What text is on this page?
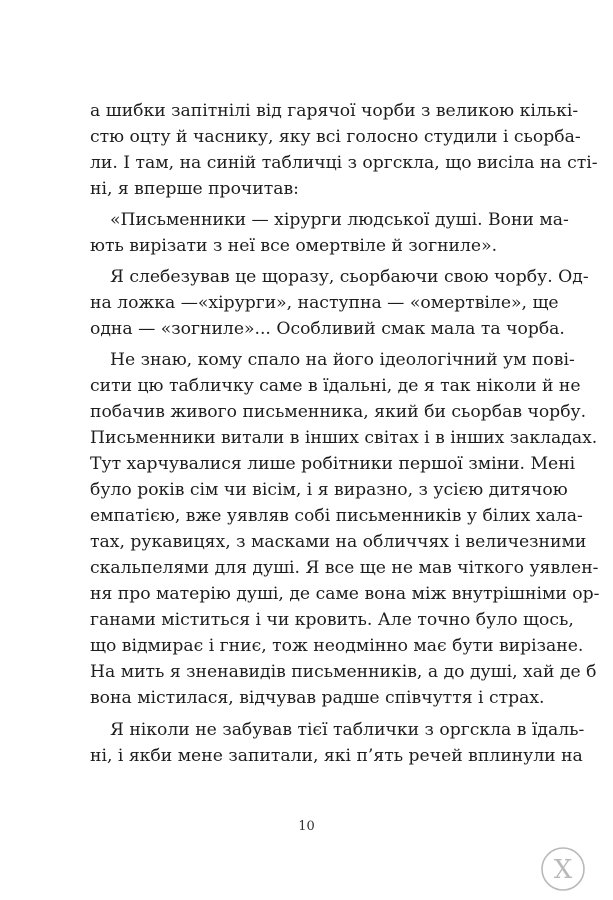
а шибки запітнілі від гарячої чорби з великою кількі-
стю оцту й часнику, яку всі голосно студили і сьорба-
ли. І там, на синій табличці з оргскла, що висіла на сті-
ні, я вперше прочитав:
«Письменники — хірурги людської душі. Вони ма-
ють вирізати з неї все омертвіле й зогниле».
Я слебезував це щоразу, сьорбаючи свою чорбу. Од-
на ложка —«хірурги», наступна — «омертвіле», ще
одна — «зогниле»... Особливий смак мала та чорба.
Не знаю, кому спало на його ідеологічний ум пові-
сити цю табличку саме в їдальні, де я так ніколи й не
побачив живого письменника, який би сьорбав чорбу.
Письменники витали в інших світах і в інших закладах.
Тут харчувалися лише робітники першої зміни. Мені
було років сім чи вісім, і я виразно, з усією дитячою
емпатією, вже уявляв собі письменників у білих хала-
тах, рукавицях, з масками на обличчях і величезними
скальпелями для душі. Я все ще не мав чіткого уявлен-
ня про матерію душі, де саме вона між внутрішніми ор-
ганами міститься і чи кровить. Але точно було щось,
що відмирає і гниє, тож неодмінно має бути вирізане.
На мить я зненавидів письменників, а до душі, хай де б
вона містилася, відчував радше співчуття і страх.
Я ніколи не забував тієї таблички з оргскла в їдаль-
ні, і якби мене запитали, які п’ять речей вплинули на
10
Х
